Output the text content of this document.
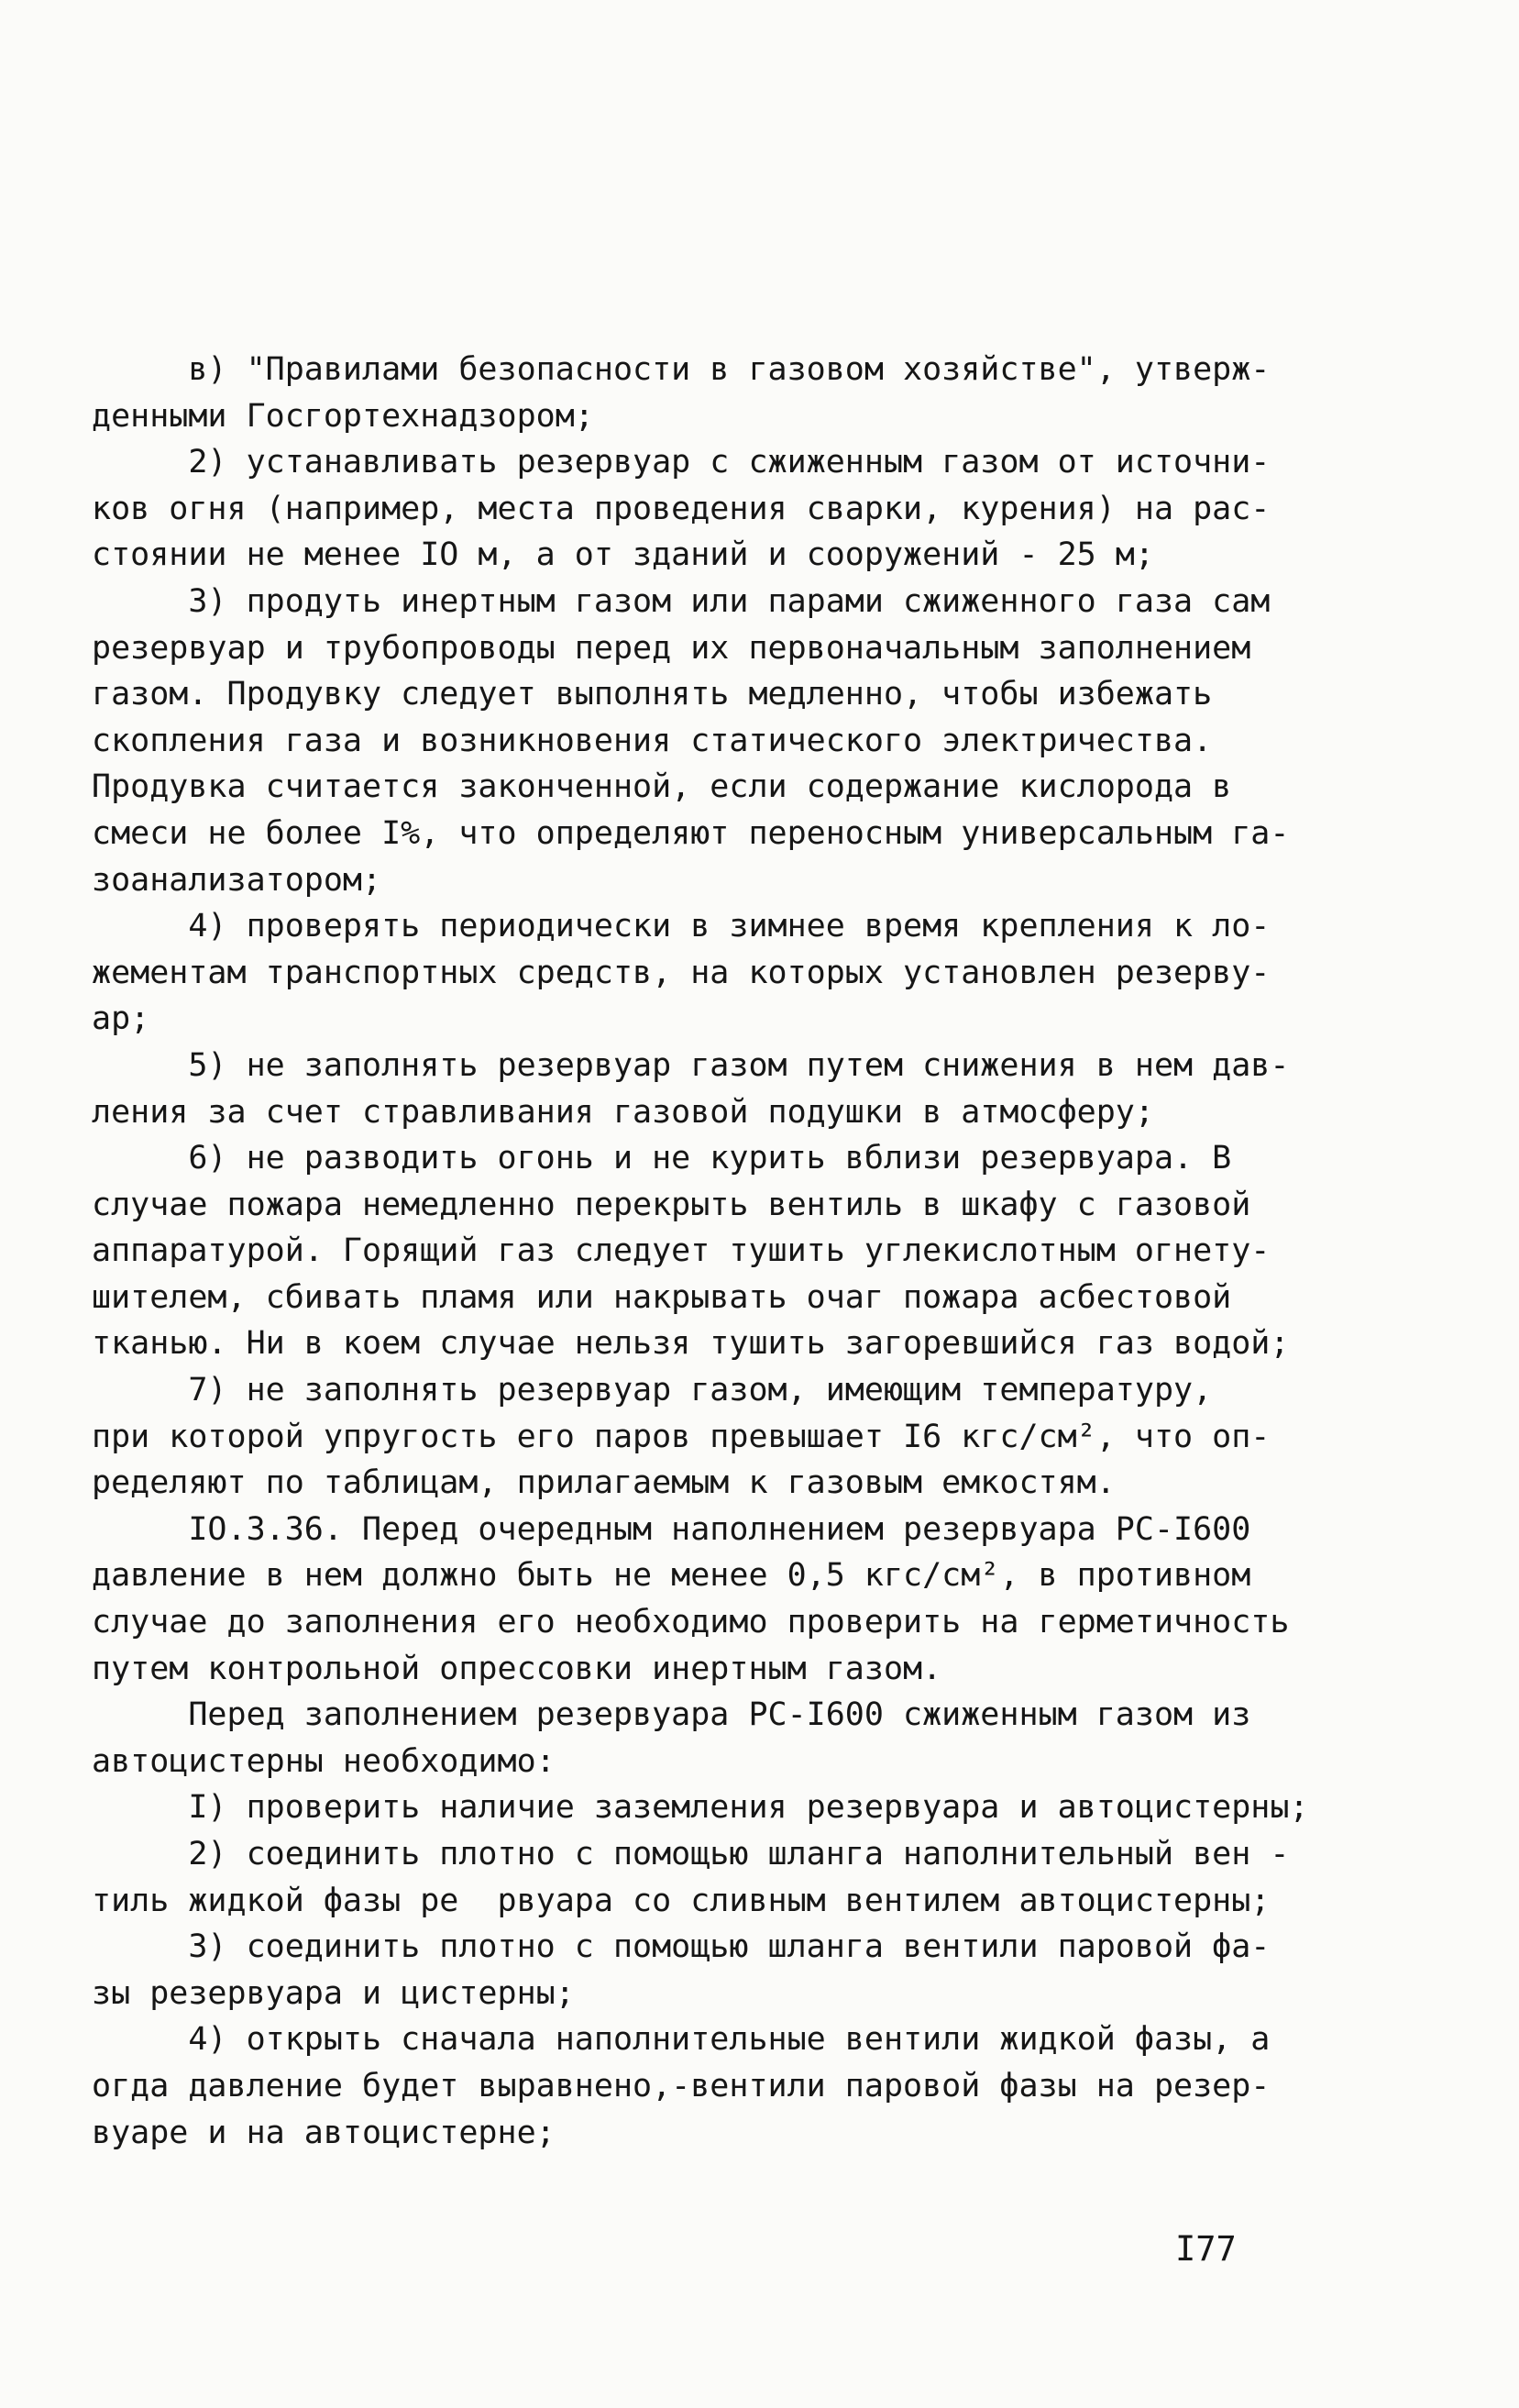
в) "Правилами безопасности в газовом хозяйстве", утверж-
денными Госгортехнадзором;
2) устанавливать резервуар с сжиженным газом от источни-
ков огня (например, места проведения сварки, курения) на рас-
стоянии не менее IO м, а от зданий и сооружений - 25 м;
3) продуть инертным газом или парами сжиженного газа сам
резервуар и трубопроводы перед их первоначальным заполнением
газом. Продувку следует выполнять медленно, чтобы избежать
скопления газа и возникновения статического электричества.
Продувка считается законченной, если содержание кислорода в
смеси не более I%, что определяют переносным универсальным га-
зоанализатором;
4) проверять периодически в зимнее время крепления к ло-
жементам транспортных средств, на которых установлен резерву-
ар;
5) не заполнять резервуар газом путем снижения в нем дав-
ления за счет стравливания газовой подушки в атмосферу;
6) не разводить огонь и не курить вблизи резервуара. В
случае пожара немедленно перекрыть вентиль в шкафу с газовой
аппаратурой. Горящий газ следует тушить углекислотным огнету-
шителем, сбивать пламя или накрывать очаг пожара асбестовой
тканью. Ни в коем случае нельзя тушить загоревшийся газ водой;
7) не заполнять резервуар газом, имеющим температуру,
при которой упругость его паров превышает I6 кгс/см², что оп-
ределяют по таблицам, прилагаемым к газовым емкостям.
IO.3.36. Перед очередным наполнением резервуара РС-I600
давление в нем должно быть не менее 0,5 кгс/см², в противном
случае до заполнения его необходимо проверить на герметичность
путем контрольной опрессовки инертным газом.
Перед заполнением резервуара РС-I600 сжиженным газом из
автоцистерны необходимо:
I) проверить наличие заземления резервуара и автоцистерны;
2) соединить плотно с помощью шланга наполнительный вен -
тиль жидкой фазы ре  рвуара со сливным вентилем автоцистерны;
3) соединить плотно с помощью шланга вентили паровой фа-
зы резервуара и цистерны;
4) открыть сначала наполнительные вентили жидкой фазы, а
огда давление будет выравнено,-вентили паровой фазы на резер-
вуаре и на автоцистерне;
I77
